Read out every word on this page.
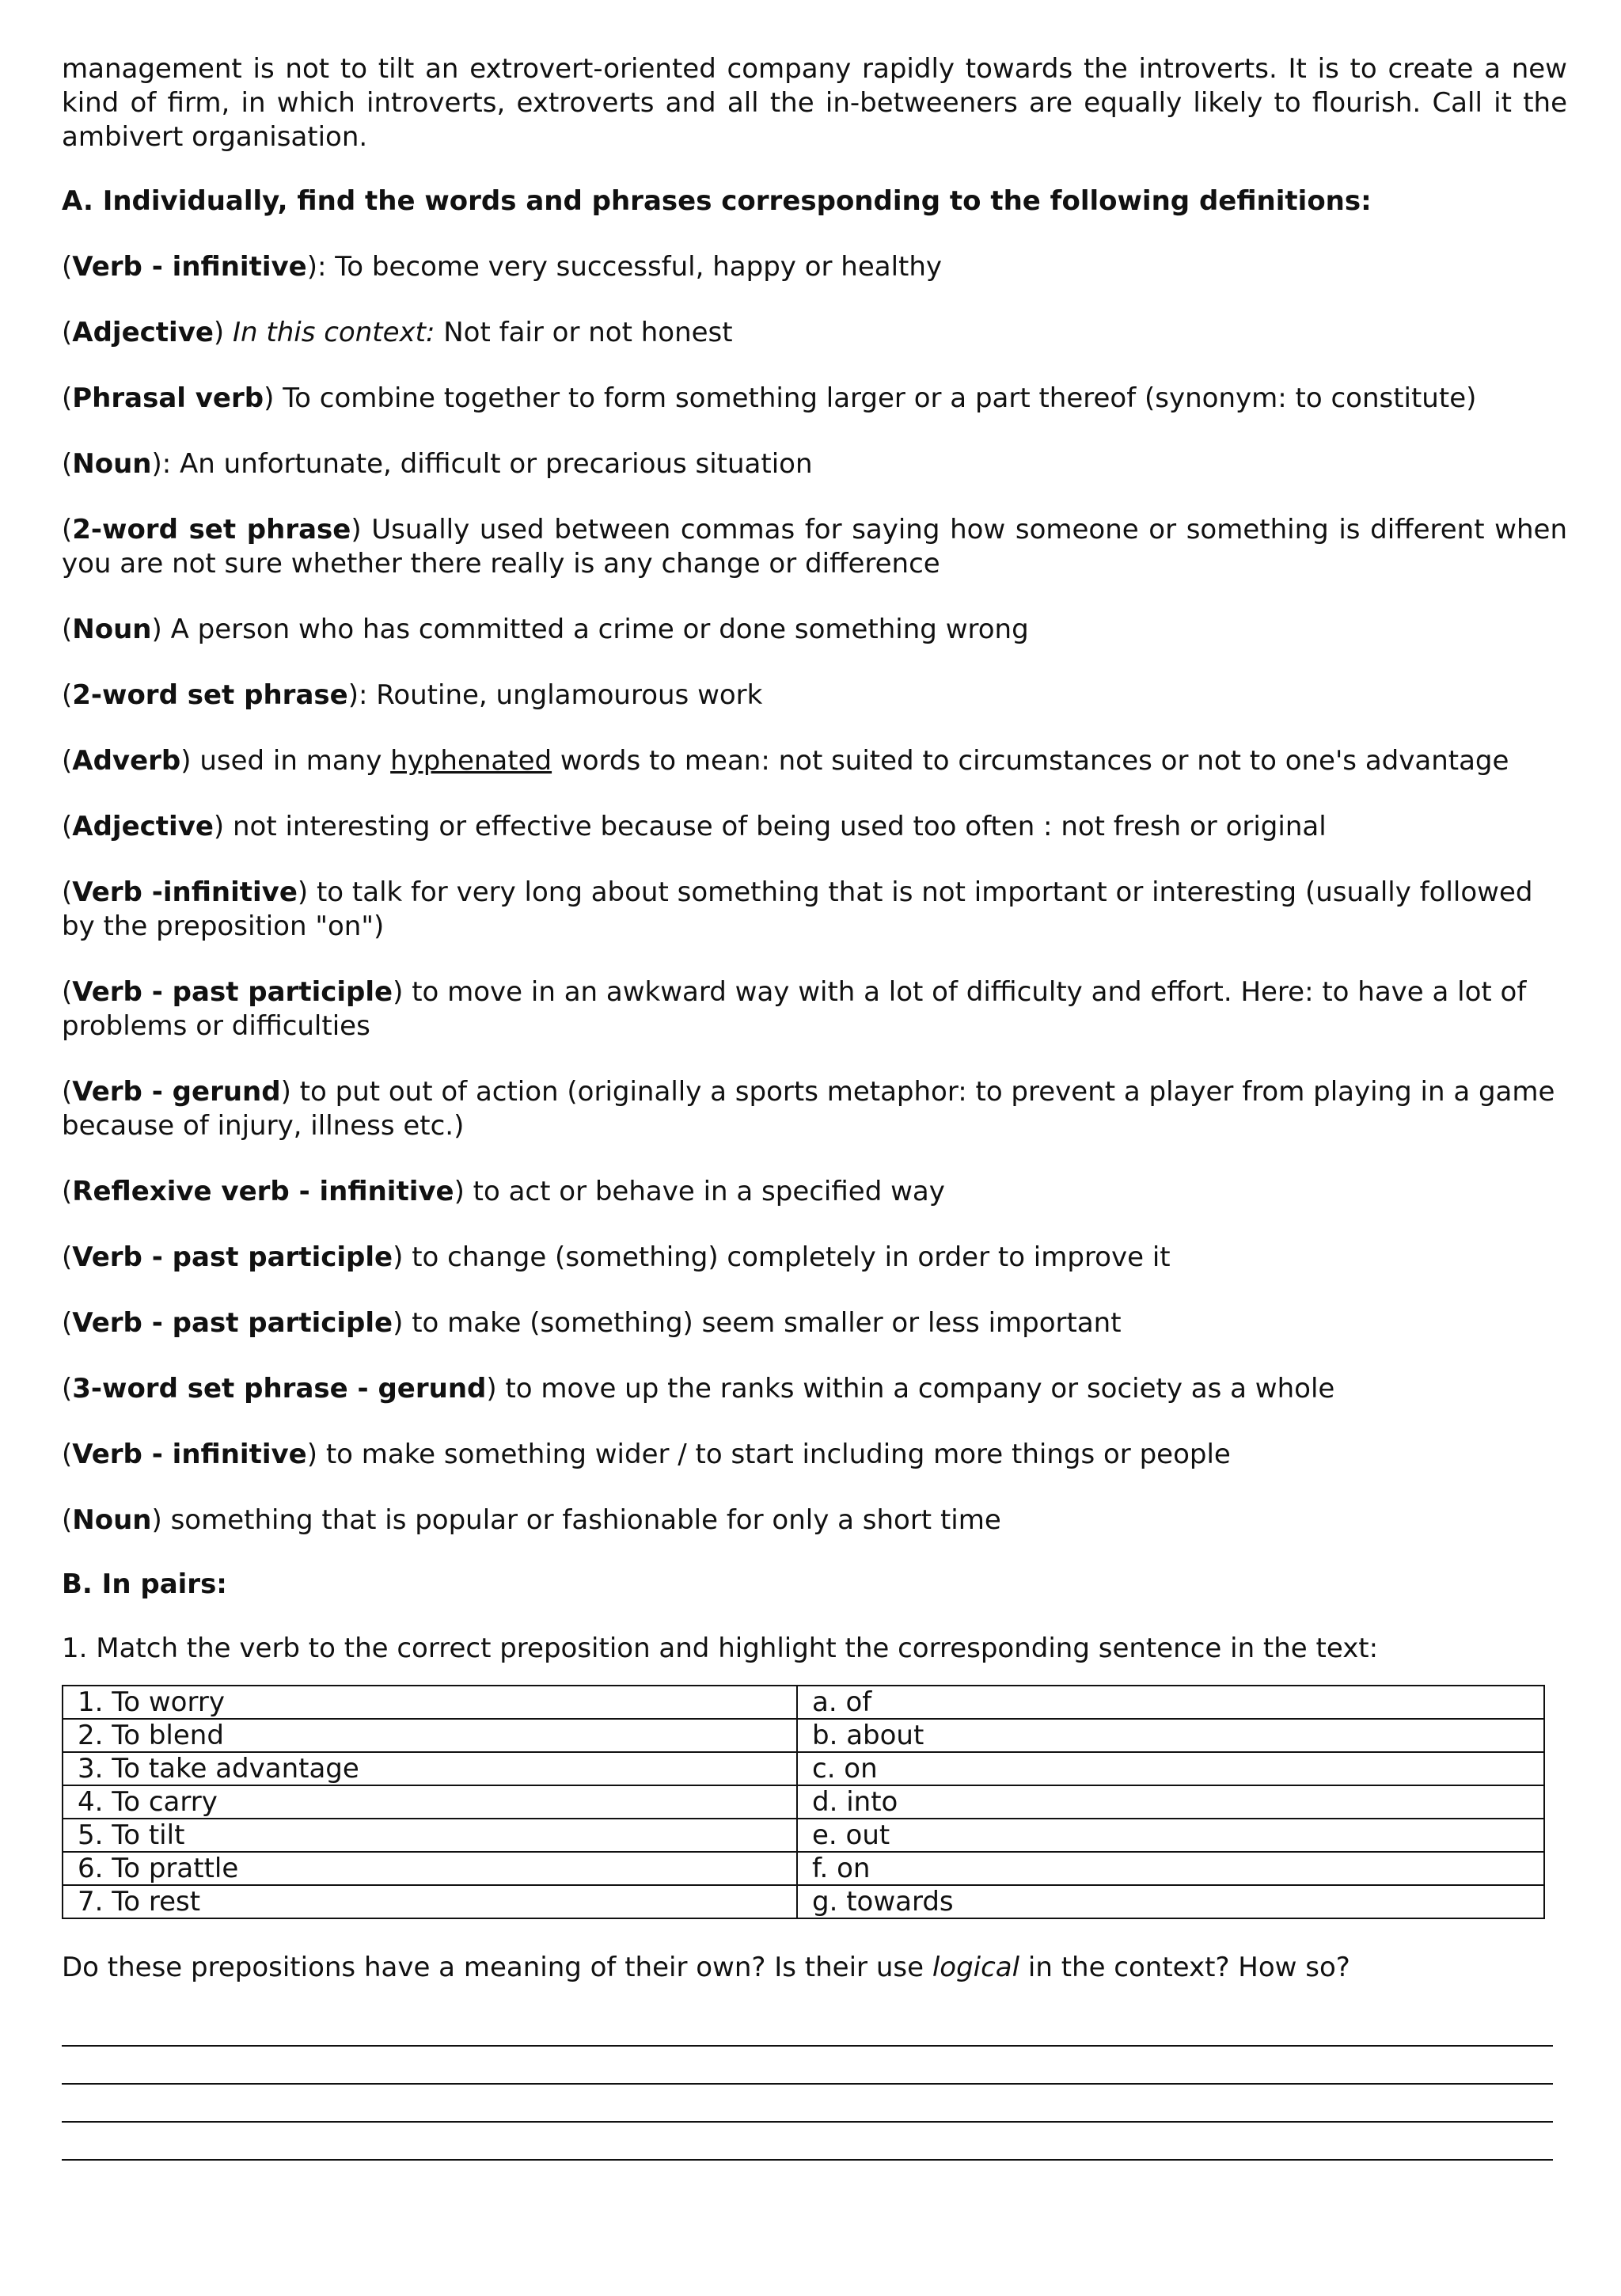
management is not to tilt an extrovert-oriented company rapidly towards the introverts. It is to create a new kind of firm, in which introverts, extroverts and all the in-betweeners are equally likely to flourish. Call it the ambivert organisation.

A. Individually, find the words and phrases corresponding to the following definitions:

(Verb - infinitive): To become very successful, happy or healthy

(Adjective) In this context: Not fair or not honest

(Phrasal verb) To combine together to form something larger or a part thereof (synonym: to constitute)

(Noun): An unfortunate, difficult or precarious situation

(2-word set phrase) Usually used between commas for saying how someone or something is different when you are not sure whether there really is any change or difference

(Noun) A person who has committed a crime or done something wrong

(2-word set phrase): Routine, unglamourous work

(Adverb) used in many hyphenated words to mean: not suited to circumstances or not to one's advantage

(Adjective) not interesting or effective because of being used too often : not fresh or original

(Verb -infinitive) to talk for very long about something that is not important or interesting (usually followed by the preposition "on")

(Verb - past participle) to move in an awkward way with a lot of difficulty and effort. Here: to have a lot of problems or difficulties

(Verb - gerund) to put out of action (originally a sports metaphor: to prevent a player from playing in a game because of injury, illness etc.)

(Reflexive verb - infinitive) to act or behave in a specified way

(Verb - past participle) to change (something) completely in order to improve it

(Verb - past participle) to make (something) seem smaller or less important

(3-word set phrase - gerund) to move up the ranks within a company or society as a whole

(Verb - infinitive) to make something wider / to start including more things or people

(Noun) something that is popular or fashionable for only a short time

B. In pairs:

1. Match the verb to the correct preposition and highlight the corresponding sentence in the text:

1. To worry	a. of
2. To blend	b. about
3. To take advantage	c. on
4. To carry	d. into
5. To tilt	e. out
6. To prattle	f. on
7. To rest	g. towards

Do these prepositions have a meaning of their own? Is their use logical in the context? How so?
